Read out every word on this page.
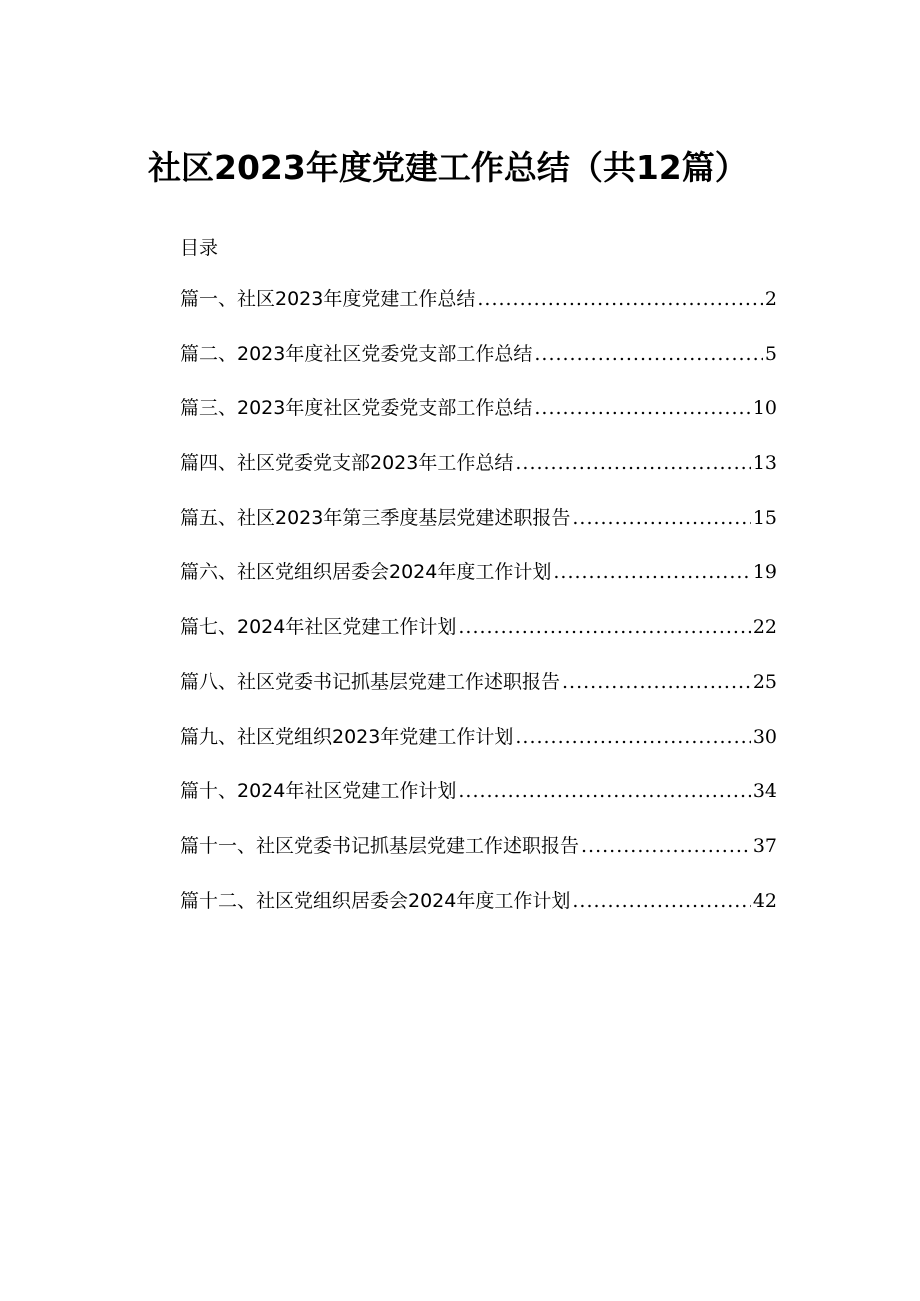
社区2023年度党建工作总结（共12篇）
目录
篇一、社区2023年度党建工作总结 .....	2
篇二、2023年度社区党委党支部工作总结 .....	5
篇三、2023年度社区党委党支部工作总结 .....	10
篇四、社区党委党支部2023年工作总结 .....	13
篇五、社区2023年第三季度基层党建述职报告 .....	15
篇六、社区党组织居委会2024年度工作计划 .....	19
篇七、2024年社区党建工作计划 .....	22
篇八、社区党委书记抓基层党建工作述职报告 .....	25
篇九、社区党组织2023年党建工作计划 .....	30
篇十、2024年社区党建工作计划 .....	34
篇十一、社区党委书记抓基层党建工作述职报告 .....	37
篇十二、社区党组织居委会2024年度工作计划 .....	42
